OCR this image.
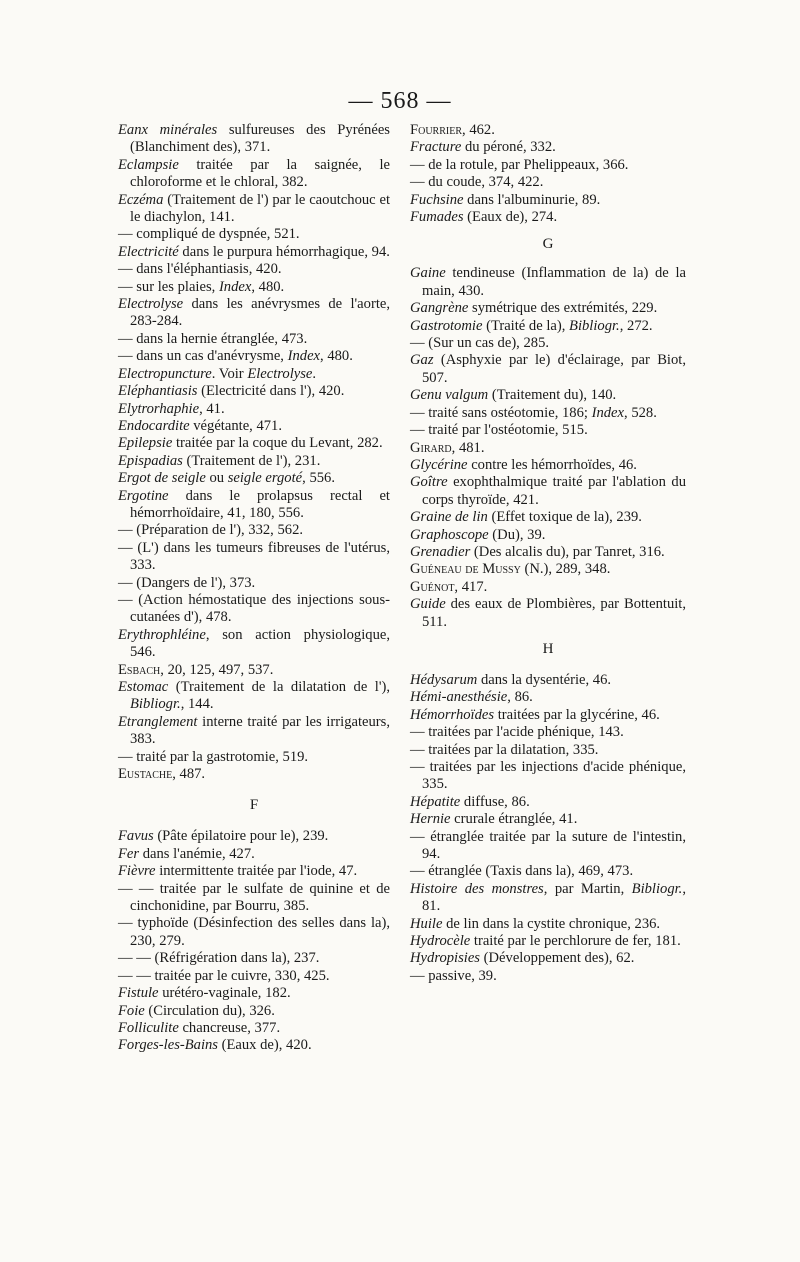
— 568 —

Eanx minérales sulfureuses des Pyrénées (Blanchiment des), 371.

Eclampsie traitée par la saignée, le chloroforme et le chloral, 382.

Eczéma (Traitement de l') par le caoutchouc et le diachylon, 141.

— compliqué de dyspnée, 521.

Electricité dans le purpura hémorrhagique, 94.

— dans l'éléphantiasis, 420.

— sur les plaies, Index, 480.

Electrolyse dans les anévrysmes de l'aorte, 283-284.

— dans la hernie étranglée, 473.

— dans un cas d'anévrysme, Index, 480.

Electropuncture. Voir Electrolyse.

Eléphantiasis (Electricité dans l'), 420.

Elytrorhaphie, 41.

Endocardite végétante, 471.

Epilepsie traitée par la coque du Levant, 282.

Epispadias (Traitement de l'), 231.

Ergot de seigle ou seigle ergoté, 556.

Ergotine dans le prolapsus rectal et hémorrhoïdaire, 41, 180, 556.

— (Préparation de l'), 332, 562.

— (L') dans les tumeurs fibreuses de l'utérus, 333.

— (Dangers de l'), 373.

— (Action hémostatique des injections sous-cutanées d'), 478.

Erythrophléine, son action physiologique, 546.

Esbach, 20, 125, 497, 537.

Estomac (Traitement de la dilatation de l'), Bibliogr., 144.

Etranglement interne traité par les irrigateurs, 383.

— traité par la gastrotomie, 519.

Eustache, 487.

F

Favus (Pâte épilatoire pour le), 239.

Fer dans l'anémie, 427.

Fièvre intermittente traitée par l'iode, 47.

— — traitée par le sulfate de quinine et de cinchonidine, par Bourru, 385.

— typhoïde (Désinfection des selles dans la), 230, 279.

— — (Réfrigération dans la), 237.

— — traitée par le cuivre, 330, 425.

Fistule urétéro-vaginale, 182.

Foie (Circulation du), 326.

Folliculite chancreuse, 377.

Forges-les-Bains (Eaux de), 420.

Fourrier, 462.

Fracture du péroné, 332.

— de la rotule, par Phelippeaux, 366.

— du coude, 374, 422.

Fuchsine dans l'albuminurie, 89.

Fumades (Eaux de), 274.

G

Gaine tendineuse (Inflammation de la) de la main, 430.

Gangrène symétrique des extrémités, 229.

Gastrotomie (Traité de la), Bibliogr., 272.

— (Sur un cas de), 285.

Gaz (Asphyxie par le) d'éclairage, par Biot, 507.

Genu valgum (Traitement du), 140.

— traité sans ostéotomie, 186; Index, 528.

— traité par l'ostéotomie, 515.

Girard, 481.

Glycérine contre les hémorrhoïdes, 46.

Goître exophthalmique traité par l'ablation du corps thyroïde, 421.

Graine de lin (Effet toxique de la), 239.

Graphoscope (Du), 39.

Grenadier (Des alcalis du), par Tanret, 316.

Guéneau de Mussy (N.), 289, 348.

Guénot, 417.

Guide des eaux de Plombières, par Bottentuit, 511.

H

Hédysarum dans la dysentérie, 46.

Hémi-anesthésie, 86.

Hémorrhoïdes traitées par la glycérine, 46.

— traitées par l'acide phénique, 143.

— traitées par la dilatation, 335.

— traitées par les injections d'acide phénique, 335.

Hépatite diffuse, 86.

Hernie crurale étranglée, 41.

— étranglée traitée par la suture de l'intestin, 94.

— étranglée (Taxis dans la), 469, 473.

Histoire des monstres, par Martin, Bibliogr., 81.

Huile de lin dans la cystite chronique, 236.

Hydrocèle traité par le perchlorure de fer, 181.

Hydropisies (Développement des), 62.

— passive, 39.
